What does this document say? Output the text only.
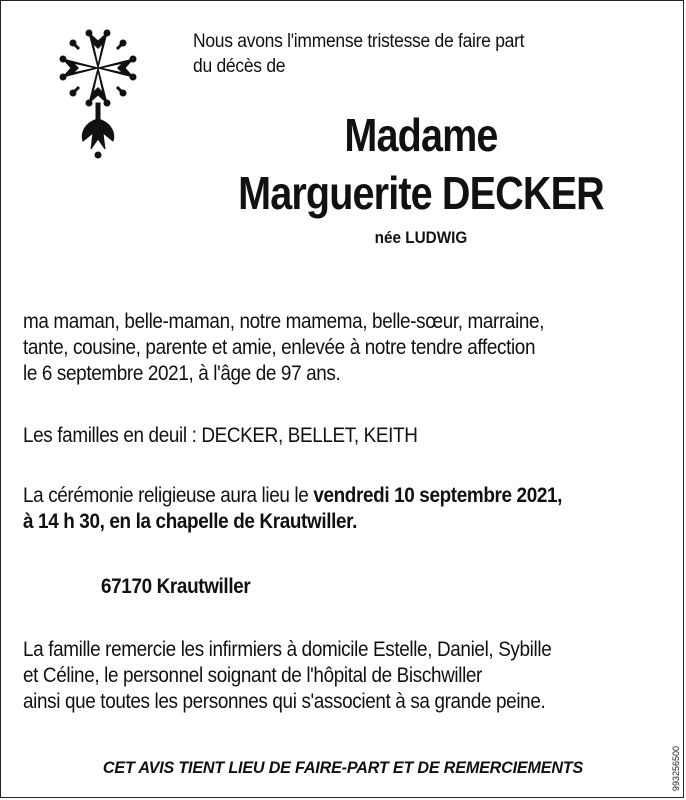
Nous avons l'immense tristesse de faire part
du décès de
Madame
Marguerite DECKER
née LUDWIG
ma maman, belle-maman, notre mamema, belle-sœur, marraine,
tante, cousine, parente et amie, enlevée à notre tendre affection
le 6 septembre 2021, à l'âge de 97 ans.
Les familles en deuil : DECKER, BELLET, KEITH
La cérémonie religieuse aura lieu le vendredi 10 septembre 2021,
à 14 h 30, en la chapelle de Krautwiller.
67170 Krautwiller
La famille remercie les infirmiers à domicile Estelle, Daniel, Sybille
et Céline, le personnel soignant de l'hôpital de Bischwiller
ainsi que toutes les personnes qui s'associent à sa grande peine.
CET AVIS TIENT LIEU DE FAIRE-PART ET DE REMERCIEMENTS	993256500
